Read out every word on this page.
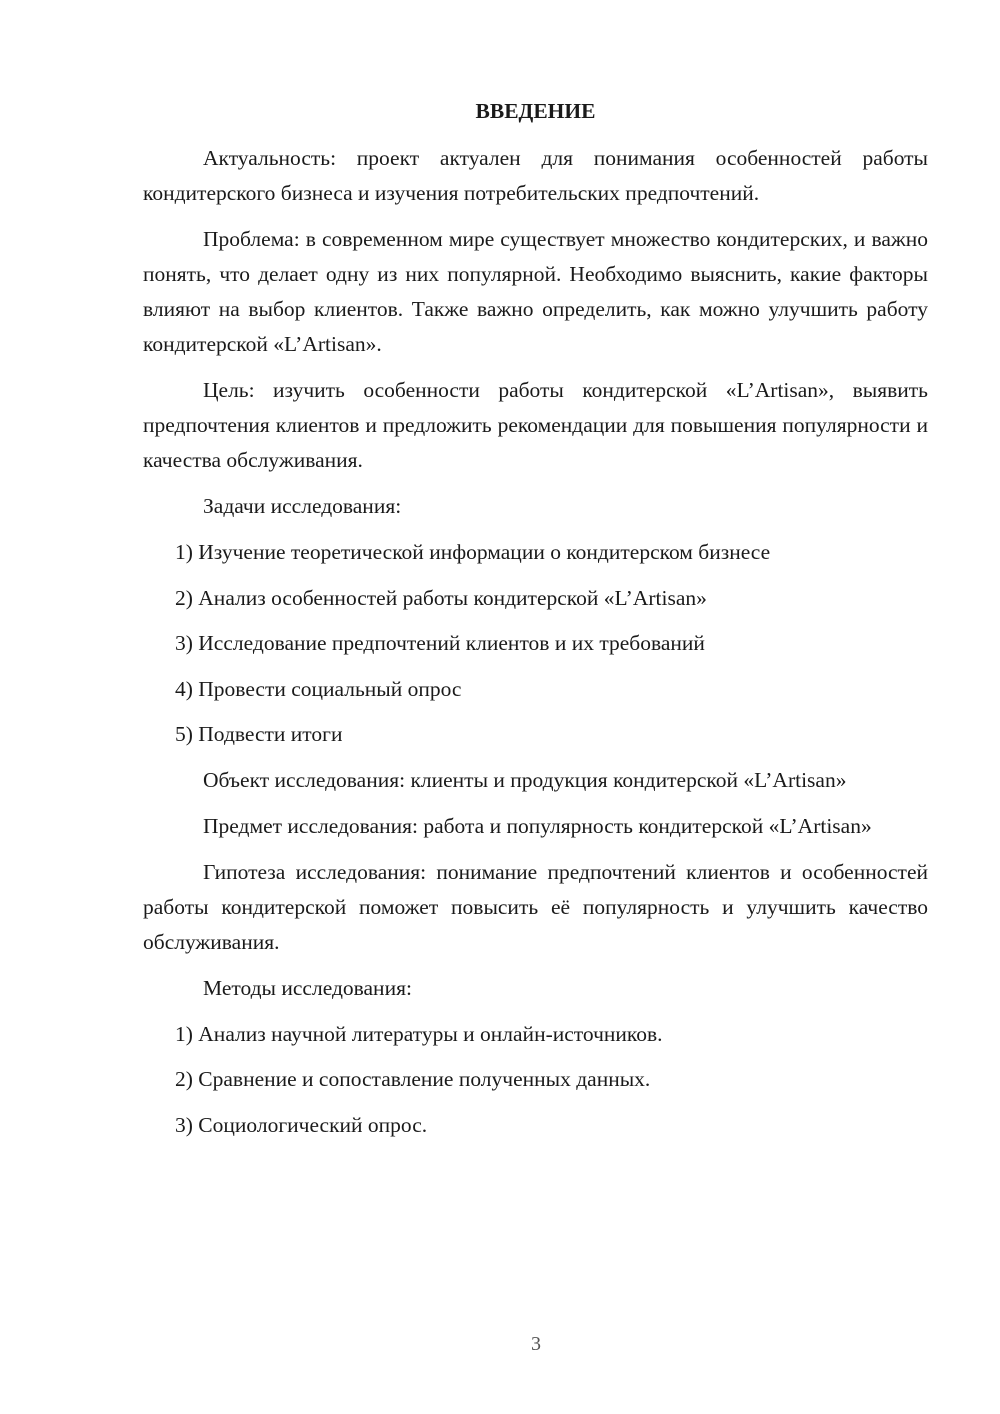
ВВЕДЕНИЕ

Актуальность: проект актуален для понимания особенностей работы кондитерского бизнеса и изучения потребительских предпочтений.

Проблема: в современном мире существует множество кондитерских, и важно понять, что делает одну из них популярной. Необходимо выяснить, какие факторы влияют на выбор клиентов. Также важно определить, как можно улучшить работу кондитерской «L’Artisan».

Цель: изучить особенности работы кондитерской «L’Artisan», выявить предпочтения клиентов и предложить рекомендации для повышения популярности и качества обслуживания.

Задачи исследования:

1) Изучение теоретической информации о кондитерском бизнесе

2) Анализ особенностей работы кондитерской «L’Artisan»

3) Исследование предпочтений клиентов и их требований

4) Провести социальный опрос

5) Подвести итоги

Объект исследования: клиенты и продукция кондитерской «L’Artisan»

Предмет исследования: работа и популярность кондитерской «L’Artisan»

Гипотеза исследования: понимание предпочтений клиентов и особенностей работы кондитерской поможет повысить её популярность и улучшить качество обслуживания.

Методы исследования:

1) Анализ научной литературы и онлайн-источников.

2) Сравнение и сопоставление полученных данных.

3) Социологический опрос.

3
